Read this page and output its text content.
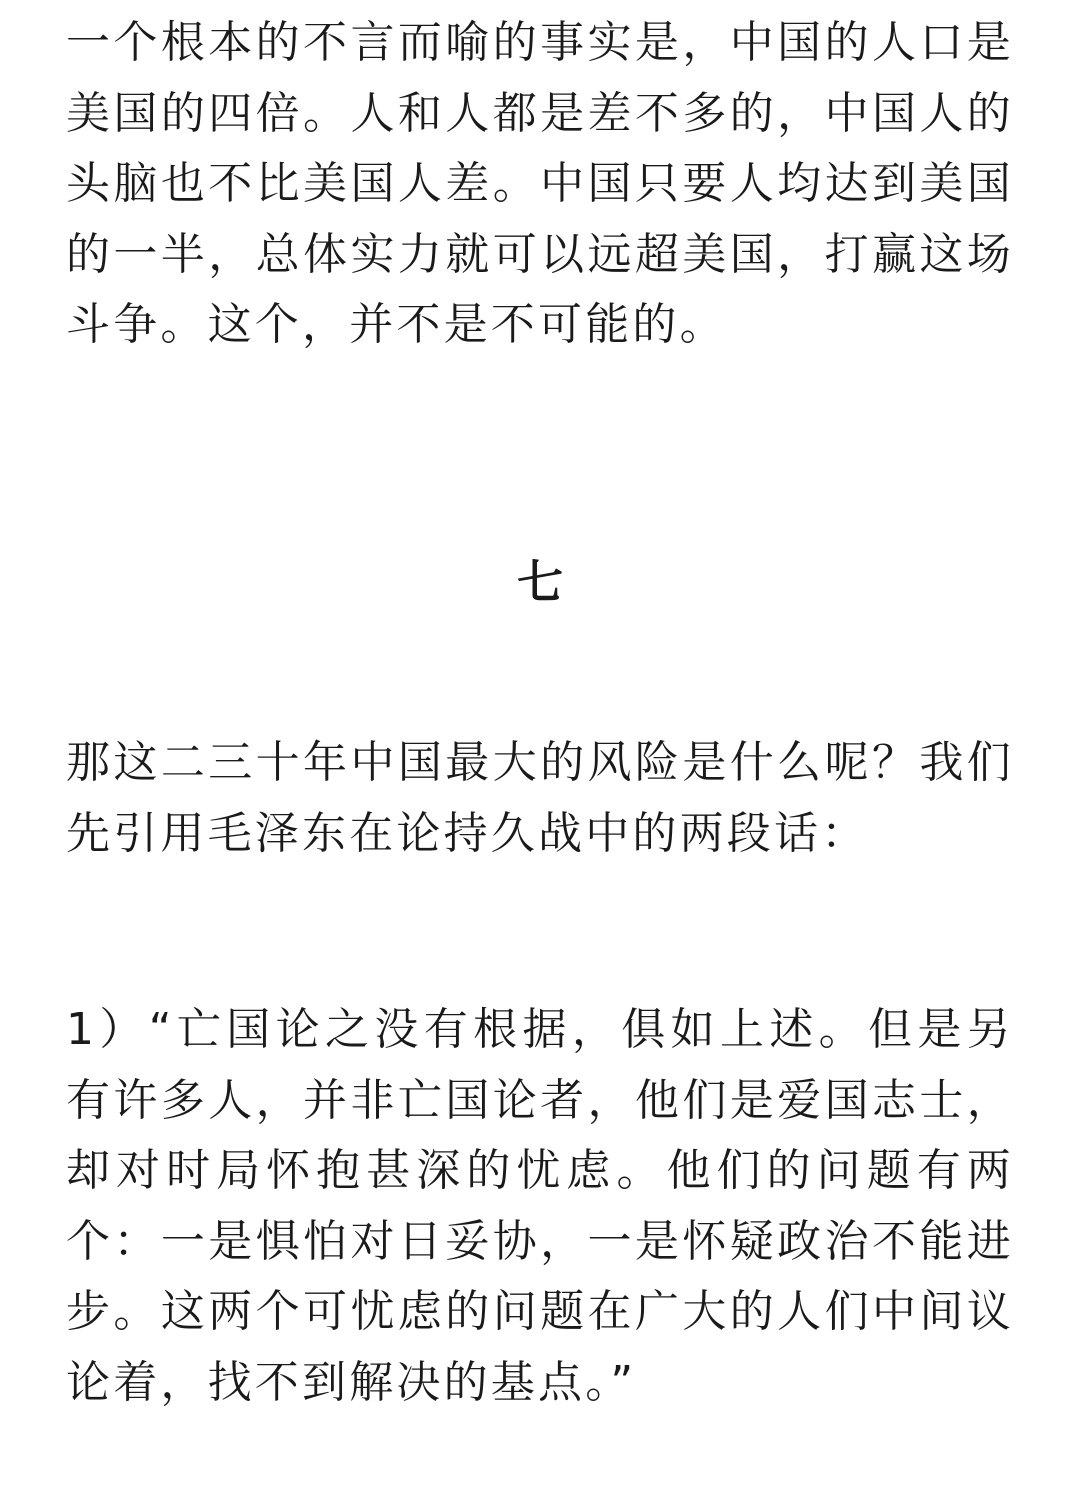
一个根本的不言而喻的事实是，中国的人口是美国的四倍。人和人都是差不多的，中国人的头脑也不比美国人差。中国只要人均达到美国的一半，总体实力就可以远超美国，打赢这场斗争。这个，并不是不可能的。

七

那这二三十年中国最大的风险是什么呢？我们先引用毛泽东在论持久战中的两段话：

1）“亡国论之没有根据，俱如上述。但是另有许多人，并非亡国论者，他们是爱国志士，却对时局怀抱甚深的忧虑。他们的问题有两个：一是惧怕对日妥协，一是怀疑政治不能进步。这两个可忧虑的问题在广大的人们中间议论着，找不到解决的基点。”
